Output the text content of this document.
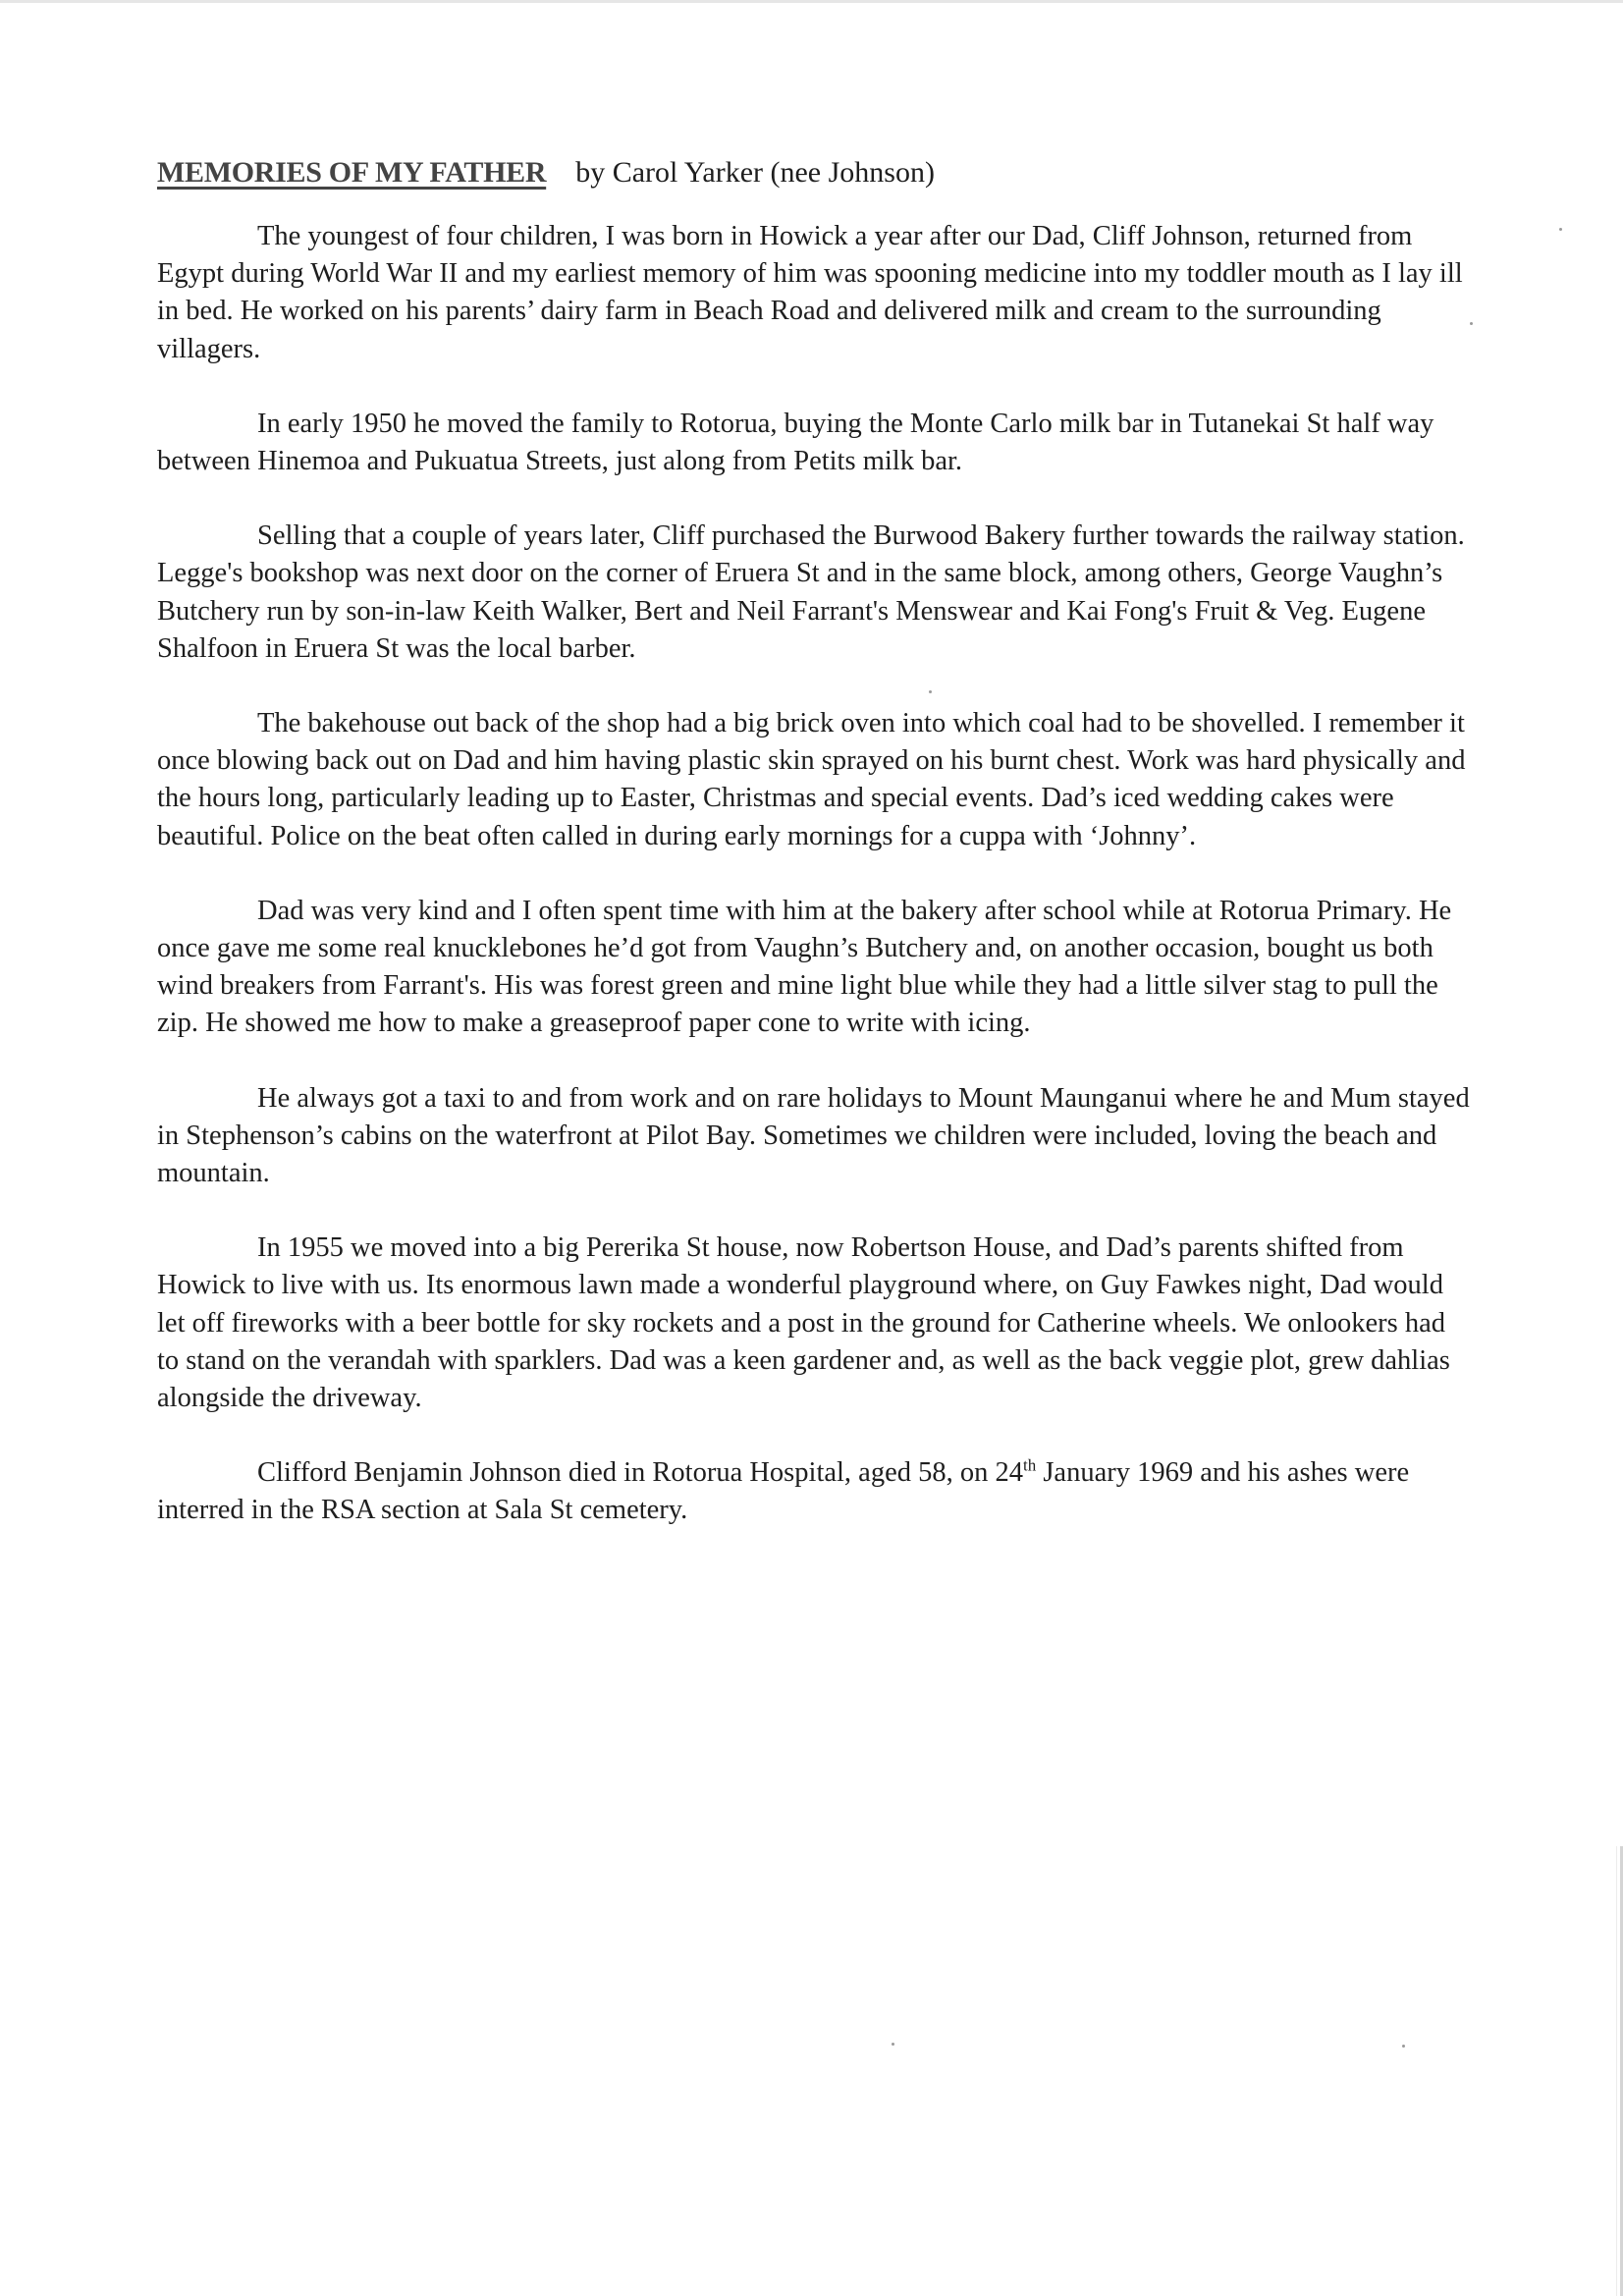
MEMORIES OF MY FATHER by Carol Yarker (nee Johnson)

The youngest of four children, I was born in Howick a year after our Dad, Cliff Johnson, returned from Egypt during World War II and my earliest memory of him was spooning medicine into my toddler mouth as I lay ill in bed. He worked on his parents’ dairy farm in Beach Road and delivered milk and cream to the surrounding villagers.

In early 1950 he moved the family to Rotorua, buying the Monte Carlo milk bar in Tutanekai St half way between Hinemoa and Pukuatua Streets, just along from Petits milk bar.

Selling that a couple of years later, Cliff purchased the Burwood Bakery further towards the railway station. Legge's bookshop was next door on the corner of Eruera St and in the same block, among others, George Vaughn’s Butchery run by son-in-law Keith Walker, Bert and Neil Farrant's Menswear and Kai Fong's Fruit & Veg. Eugene Shalfoon in Eruera St was the local barber.

The bakehouse out back of the shop had a big brick oven into which coal had to be shovelled. I remember it once blowing back out on Dad and him having plastic skin sprayed on his burnt chest. Work was hard physically and the hours long, particularly leading up to Easter, Christmas and special events. Dad’s iced wedding cakes were beautiful. Police on the beat often called in during early mornings for a cuppa with ‘Johnny’.

Dad was very kind and I often spent time with him at the bakery after school while at Rotorua Primary. He once gave me some real knucklebones he’d got from Vaughn’s Butchery and, on another occasion, bought us both wind breakers from Farrant's. His was forest green and mine light blue while they had a little silver stag to pull the zip. He showed me how to make a greaseproof paper cone to write with icing.

He always got a taxi to and from work and on rare holidays to Mount Maunganui where he and Mum stayed in Stephenson’s cabins on the waterfront at Pilot Bay. Sometimes we children were included, loving the beach and mountain.

In 1955 we moved into a big Pererika St house, now Robertson House, and Dad’s parents shifted from Howick to live with us. Its enormous lawn made a wonderful playground where, on Guy Fawkes night, Dad would let off fireworks with a beer bottle for sky rockets and a post in the ground for Catherine wheels. We onlookers had to stand on the verandah with sparklers. Dad was a keen gardener and, as well as the back veggie plot, grew dahlias alongside the driveway.

Clifford Benjamin Johnson died in Rotorua Hospital, aged 58, on 24th January 1969 and his ashes were interred in the RSA section at Sala St cemetery.
